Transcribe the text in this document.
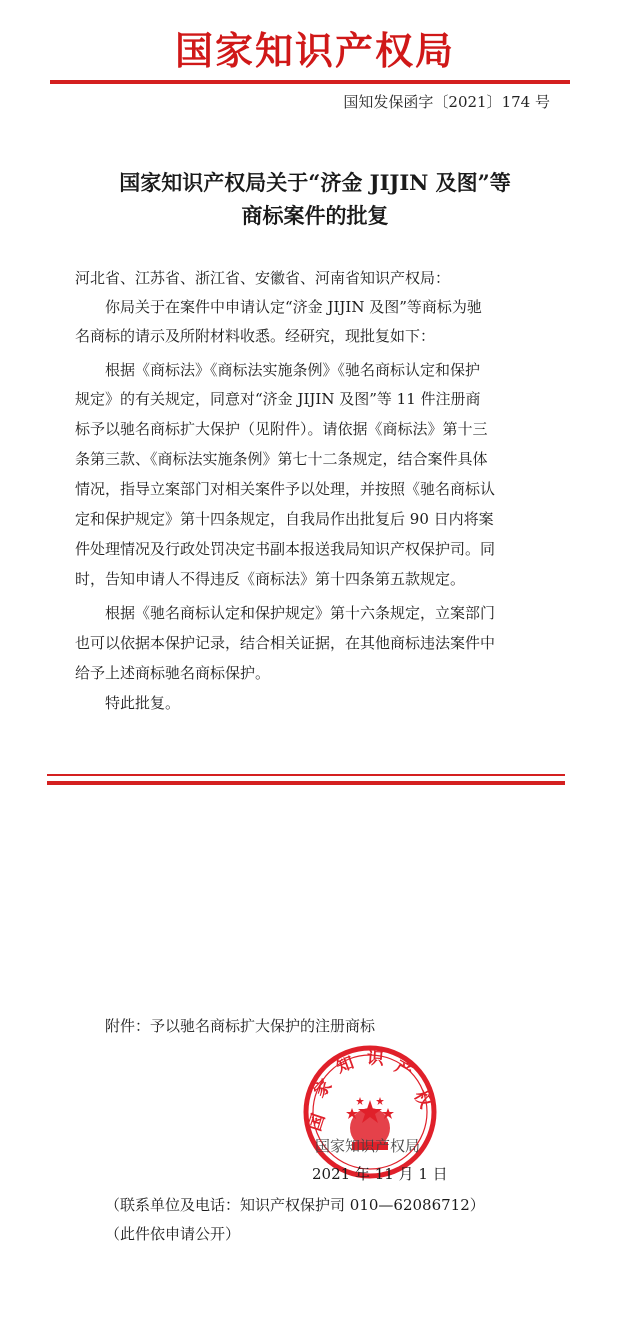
国家知识产权局
国知发保函字〔2021〕174 号
国家知识产权局关于“济金 JIJIN 及图”等
商标案件的批复
河北省、江苏省、浙江省、安徽省、河南省知识产权局：
你局关于在案件中申请认定“济金 JIJIN 及图”等商标为驰
名商标的请示及所附材料收悉。经研究，现批复如下：
根据《商标法》《商标法实施条例》《驰名商标认定和保护
规定》的有关规定，同意对“济金 JIJIN 及图”等 11 件注册商
标予以驰名商标扩大保护（见附件）。请依据《商标法》第十三
条第三款、《商标法实施条例》第七十二条规定，结合案件具体
情况，指导立案部门对相关案件予以处理，并按照《驰名商标认
定和保护规定》第十四条规定，自我局作出批复后 90 日内将案
件处理情况及行政处罚决定书副本报送我局知识产权保护司。同
时，告知申请人不得违反《商标法》第十四条第五款规定。
根据《驰名商标认定和保护规定》第十六条规定，立案部门
也可以依据本保护记录，结合相关证据，在其他商标违法案件中
给予上述商标驰名商标保护。
特此批复。
附件：予以驰名商标扩大保护的注册商标
国
家
知 识 产
权
国家知识产权局
2021 年 11 月 1 日
（联系单位及电话：知识产权保护司 010—62086712）
（此件依申请公开）
